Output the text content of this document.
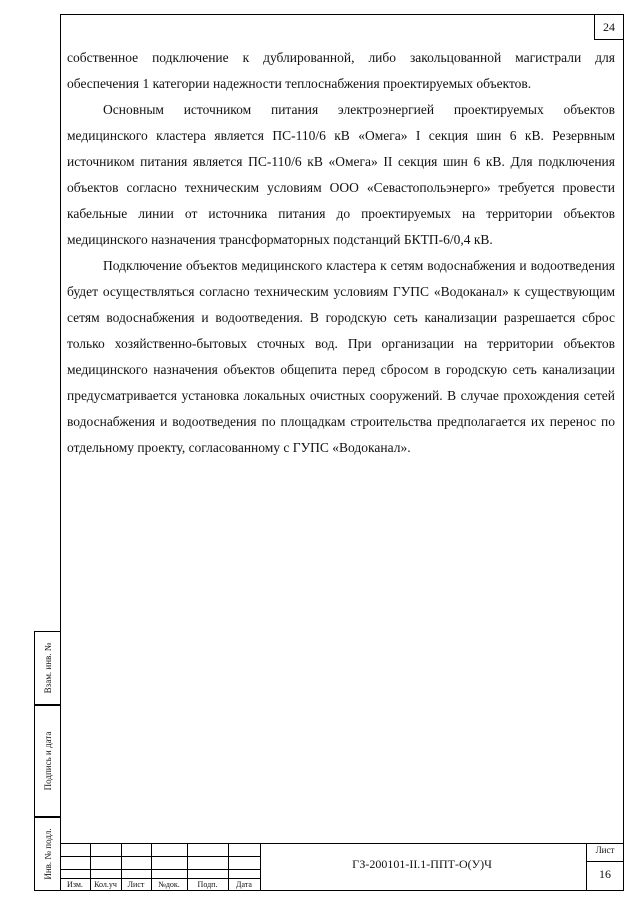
24

собственное подключение к дублированной, либо закольцованной магистрали для обеспечения 1 категории надежности теплоснабжения проектируемых объектов.

Основным источником питания электроэнергией проектируемых объектов медицинского кластера является ПС-110/6 кВ «Омега» I секция шин 6 кВ. Резервным источником питания является ПС-110/6 кВ «Омега» II секция шин 6 кВ. Для подключения объектов согласно техническим условиям ООО «Севастопольэнерго» требуется провести кабельные линии от источника питания до проектируемых на территории объектов медицинского назначения трансформаторных подстанций БКТП-6/0,4 кВ.

Подключение объектов медицинского кластера к сетям водоснабжения и водоотведения будет осуществляться согласно техническим условиям ГУПС «Водоканал» к существующим сетям водоснабжения и водоотведения. В городскую сеть канализации разрешается сброс только хозяйственно-бытовых сточных вод. При организации на территории объектов медицинского назначения объектов общепита перед сбросом в городскую сеть канализации предусматривается установка локальных очистных сооружений. В случае прохождения сетей водоснабжения и водоотведения по площадкам строительства предполагается их перенос по отдельному проекту, согласованному с ГУПС «Водоканал».

Взам. инв. №
Подпись и дата
Инв. № подл.
Изм.	Кол.уч	Лист	№док.	Подп.	Дата
ГЗ-200101-II.1-ППТ-О(У)Ч
Лист
16
